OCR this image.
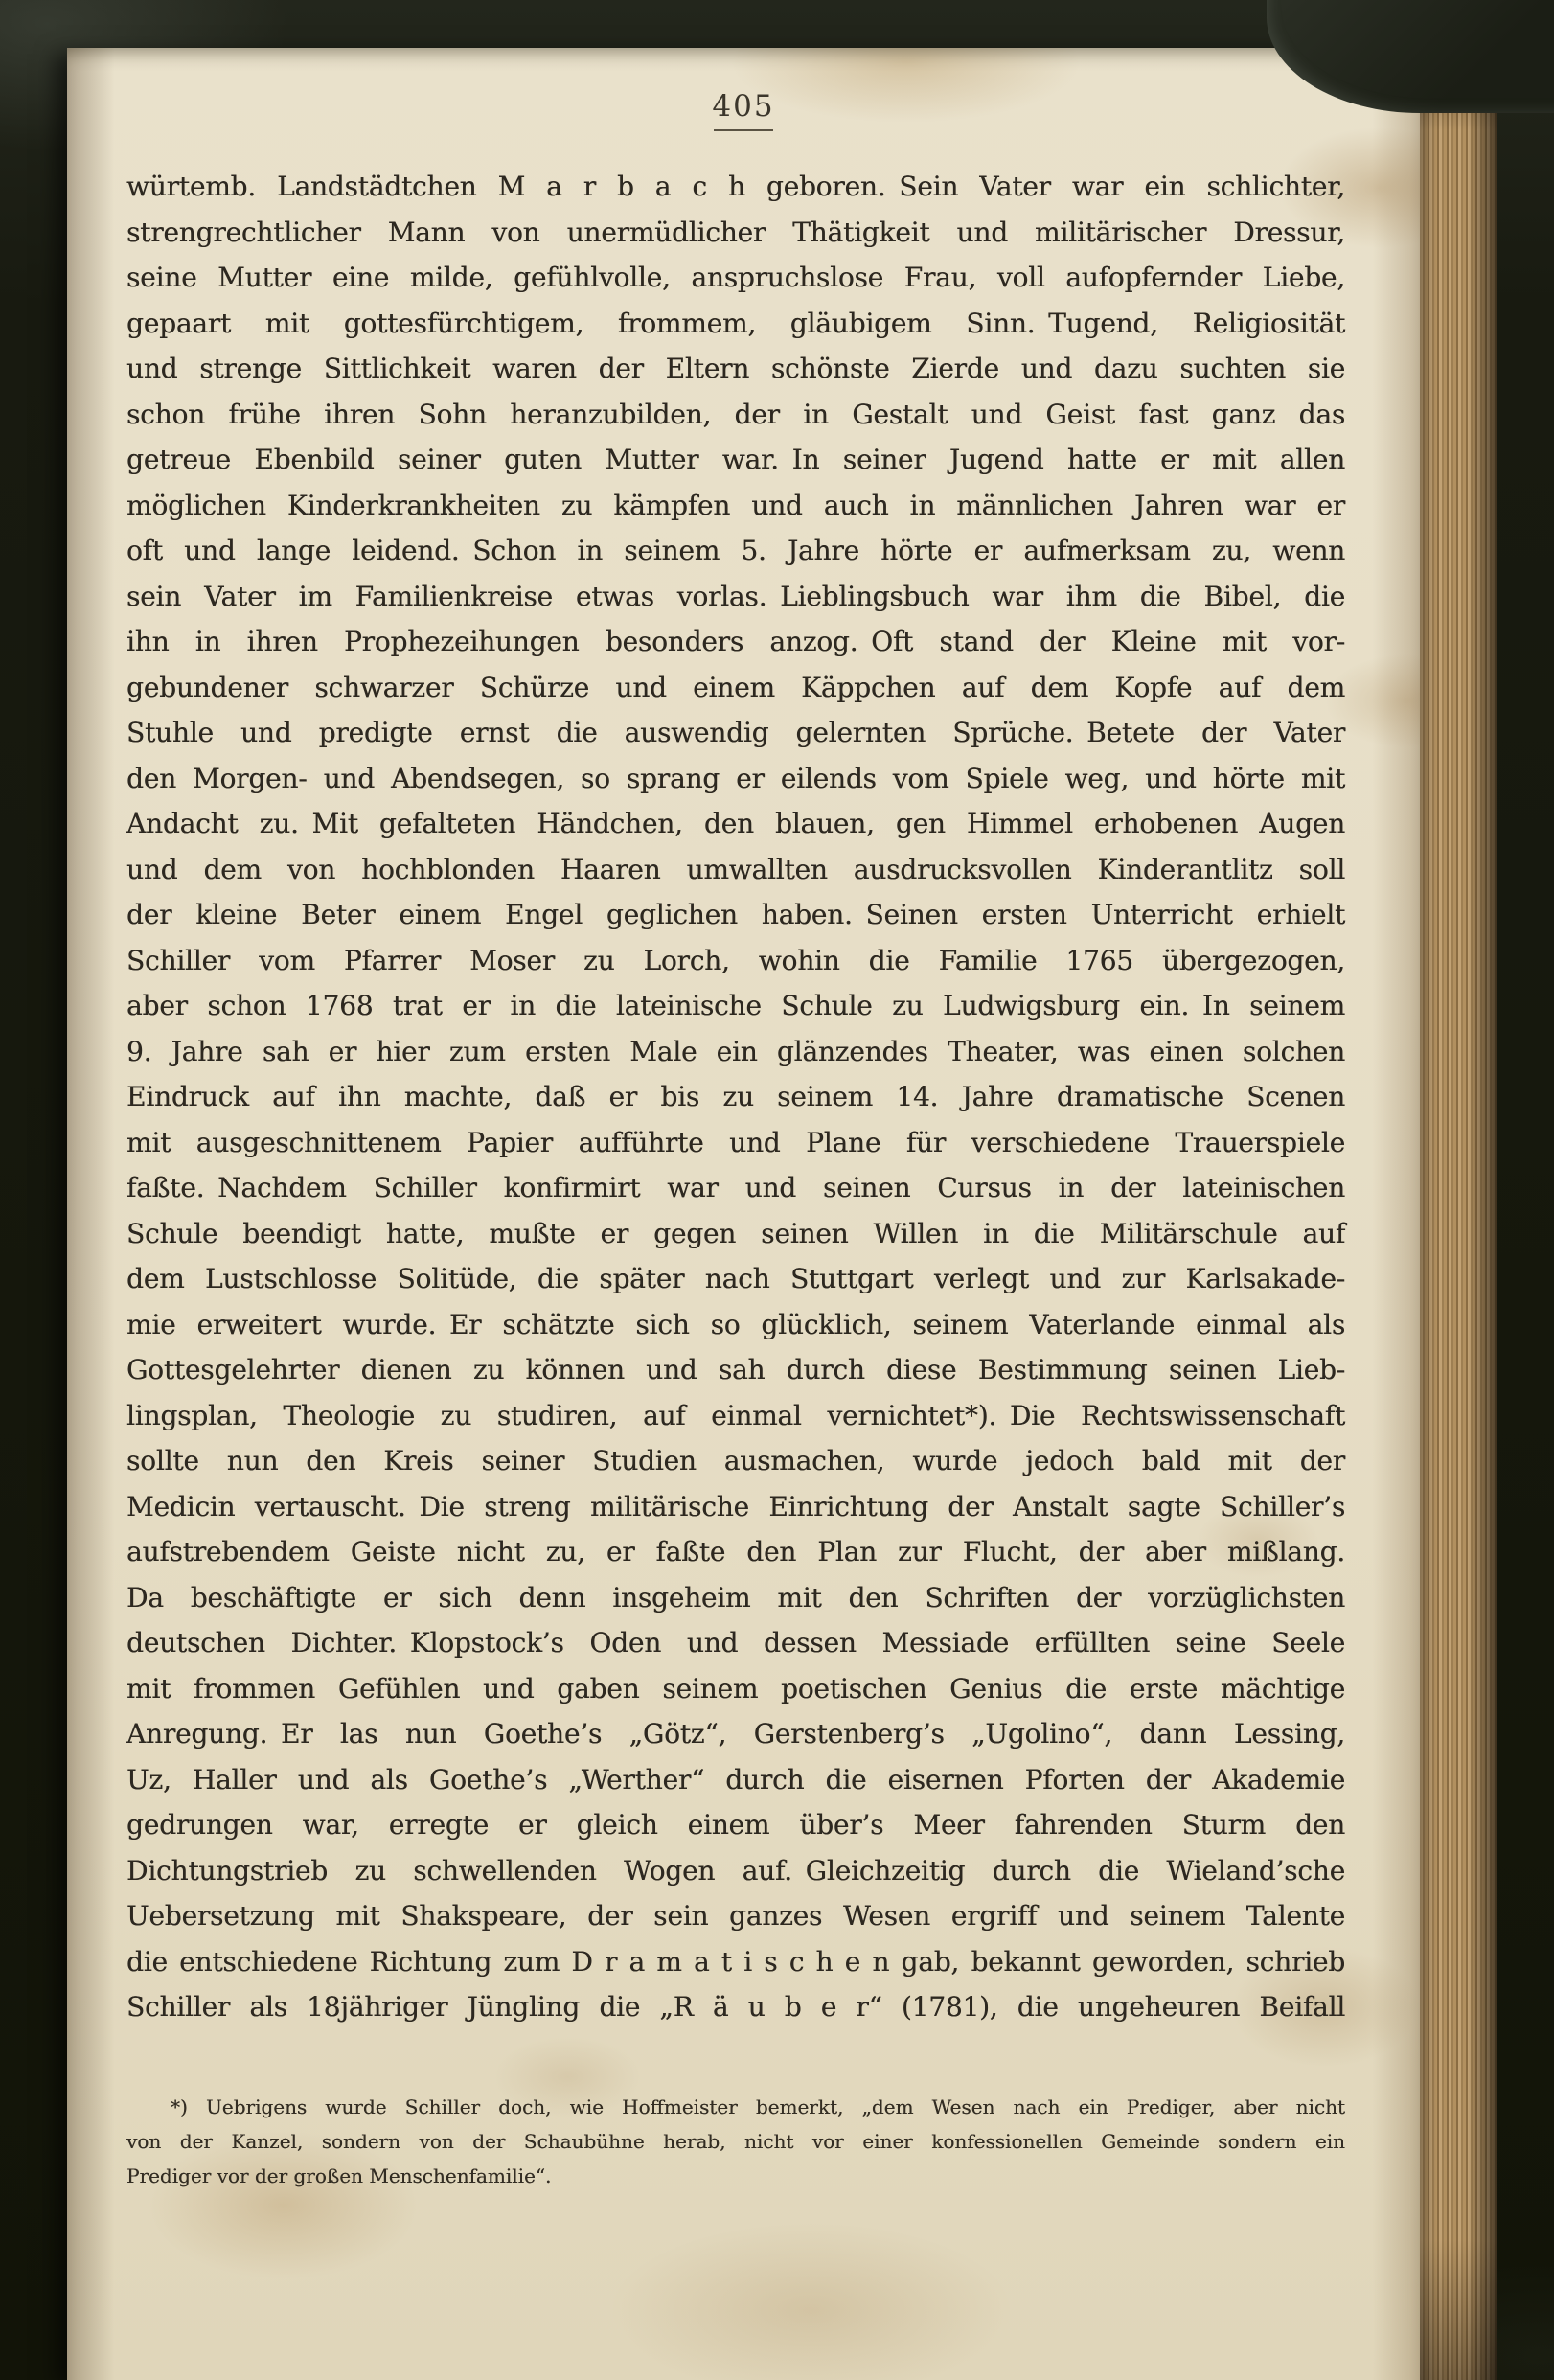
405
würtemb. Landstädtchen M a r b a c h geboren. Sein Vater war ein schlichter,
strengrechtlicher Mann von unermüdlicher Thätigkeit und militärischer Dressur,
seine Mutter eine milde, gefühlvolle, anspruchslose Frau, voll aufopfernder Liebe,
gepaart mit gottesfürchtigem, frommem, gläubigem Sinn. Tugend, Religiosität
und strenge Sittlichkeit waren der Eltern schönste Zierde und dazu suchten sie
schon frühe ihren Sohn heranzubilden, der in Gestalt und Geist fast ganz das
getreue Ebenbild seiner guten Mutter war. In seiner Jugend hatte er mit allen
möglichen Kinderkrankheiten zu kämpfen und auch in männlichen Jahren war er
oft und lange leidend. Schon in seinem 5. Jahre hörte er aufmerksam zu, wenn
sein Vater im Familienkreise etwas vorlas. Lieblingsbuch war ihm die Bibel, die
ihn in ihren Prophezeihungen besonders anzog. Oft stand der Kleine mit vor-
gebundener schwarzer Schürze und einem Käppchen auf dem Kopfe auf dem
Stuhle und predigte ernst die auswendig gelernten Sprüche. Betete der Vater
den Morgen- und Abendsegen, so sprang er eilends vom Spiele weg, und hörte mit
Andacht zu. Mit gefalteten Händchen, den blauen, gen Himmel erhobenen Augen
und dem von hochblonden Haaren umwallten ausdrucksvollen Kinderantlitz soll
der kleine Beter einem Engel geglichen haben. Seinen ersten Unterricht erhielt
Schiller vom Pfarrer Moser zu Lorch, wohin die Familie 1765 übergezogen,
aber schon 1768 trat er in die lateinische Schule zu Ludwigsburg ein. In seinem
9. Jahre sah er hier zum ersten Male ein glänzendes Theater, was einen solchen
Eindruck auf ihn machte, daß er bis zu seinem 14. Jahre dramatische Scenen
mit ausgeschnittenem Papier aufführte und Plane für verschiedene Trauerspiele
faßte. Nachdem Schiller konfirmirt war und seinen Cursus in der lateinischen
Schule beendigt hatte, mußte er gegen seinen Willen in die Militärschule auf
dem Lustschlosse Solitüde, die später nach Stuttgart verlegt und zur Karlsakade-
mie erweitert wurde. Er schätzte sich so glücklich, seinem Vaterlande einmal als
Gottesgelehrter dienen zu können und sah durch diese Bestimmung seinen Lieb-
lingsplan, Theologie zu studiren, auf einmal vernichtet*). Die Rechtswissenschaft
sollte nun den Kreis seiner Studien ausmachen, wurde jedoch bald mit der
Medicin vertauscht. Die streng militärische Einrichtung der Anstalt sagte Schiller’s
aufstrebendem Geiste nicht zu, er faßte den Plan zur Flucht, der aber mißlang.
Da beschäftigte er sich denn insgeheim mit den Schriften der vorzüglichsten
deutschen Dichter. Klopstock’s Oden und dessen Messiade erfüllten seine Seele
mit frommen Gefühlen und gaben seinem poetischen Genius die erste mächtige
Anregung. Er las nun Goethe’s „Götz“, Gerstenberg’s „Ugolino“, dann Lessing,
Uz, Haller und als Goethe’s „Werther“ durch die eisernen Pforten der Akademie
gedrungen war, erregte er gleich einem über’s Meer fahrenden Sturm den
Dichtungstrieb zu schwellenden Wogen auf. Gleichzeitig durch die Wieland’sche
Uebersetzung mit Shakspeare, der sein ganzes Wesen ergriff und seinem Talente
die entschiedene Richtung zum D r a m a t i s c h e n gab, bekannt geworden, schrieb
Schiller als 18jähriger Jüngling die „R ä u b e r“ (1781), die ungeheuren Beifall
*) Uebrigens wurde Schiller doch, wie Hoffmeister bemerkt, „dem Wesen nach ein Prediger, aber nicht
von der Kanzel, sondern von der Schaubühne herab, nicht vor einer konfessionellen Gemeinde sondern ein
Prediger vor der großen Menschenfamilie“.
